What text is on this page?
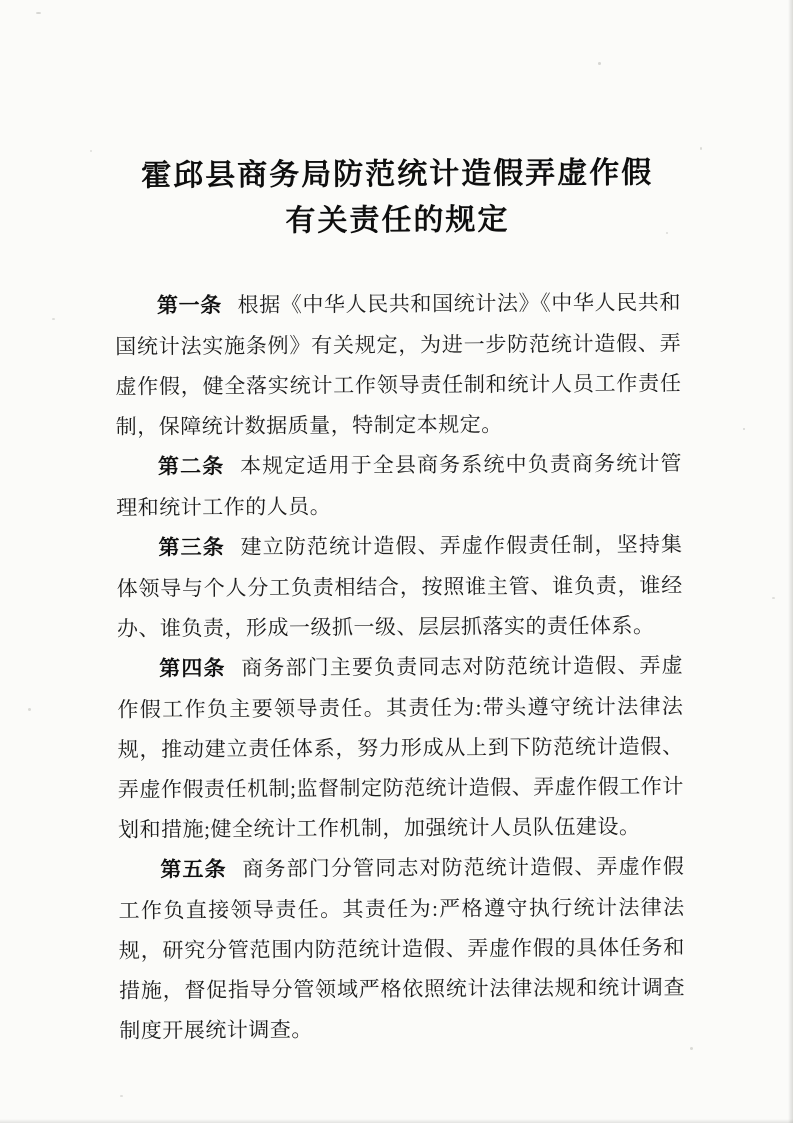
霍邱县商务局防范统计造假弄虚作假
有关责任的规定

第一条 根据《中华人民共和国统计法》《中华人民共和国统计法实施条例》有关规定，为进一步防范统计造假、弄虚作假，健全落实统计工作领导责任制和统计人员工作责任制，保障统计数据质量，特制定本规定。

第二条 本规定适用于全县商务系统中负责商务统计管理和统计工作的人员。

第三条 建立防范统计造假、弄虚作假责任制，坚持集体领导与个人分工负责相结合，按照谁主管、谁负责，谁经办、谁负责，形成一级抓一级、层层抓落实的责任体系。

第四条 商务部门主要负责同志对防范统计造假、弄虚作假工作负主要领导责任。其责任为:带头遵守统计法律法规，推动建立责任体系，努力形成从上到下防范统计造假、弄虚作假责任机制;监督制定防范统计造假、弄虚作假工作计划和措施;健全统计工作机制，加强统计人员队伍建设。

第五条 商务部门分管同志对防范统计造假、弄虚作假工作负直接领导责任。其责任为:严格遵守执行统计法律法规，研究分管范围内防范统计造假、弄虚作假的具体任务和措施，督促指导分管领域严格依照统计法律法规和统计调查制度开展统计调查。
